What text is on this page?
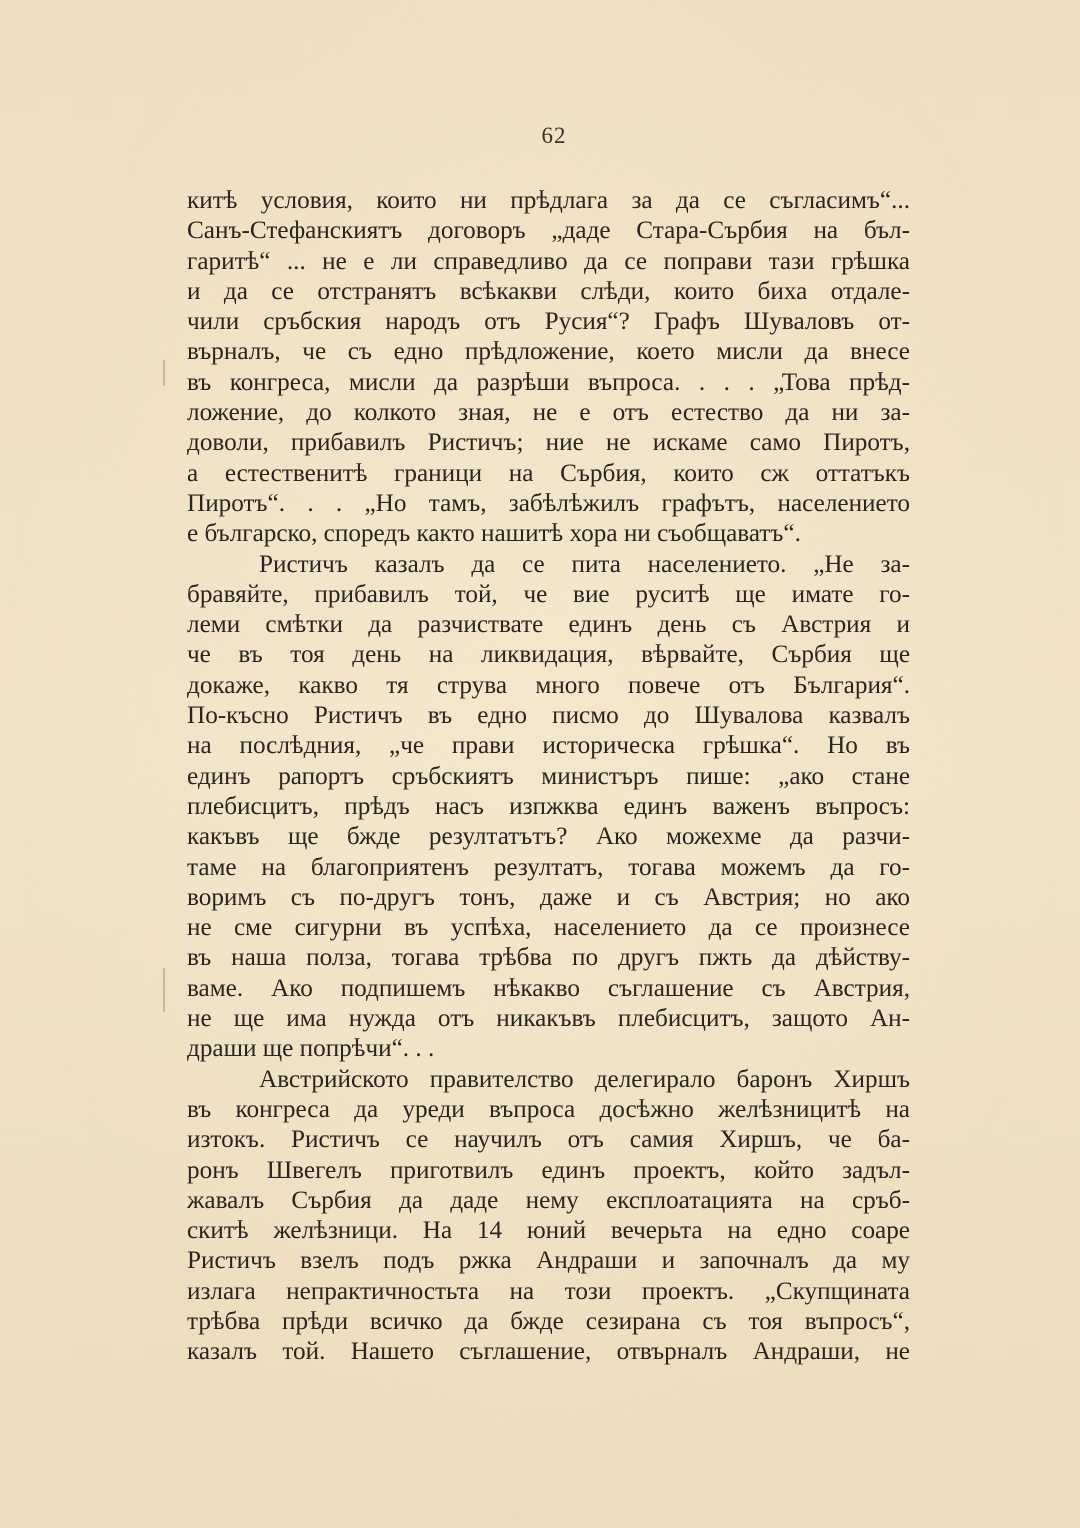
62
китѣ условия, които ни прѣдлага за да се съгласимъ“...
Санъ-Стефанскиятъ договоръ „даде Стара-Сърбия на бъл-
гаритѣ“ ... не е ли справедливо да се поправи тази грѣшка
и да се отстранятъ всѣкакви слѣди, които биха отдале-
чили сръбския народъ отъ Русия“? Графъ Шуваловъ от-
върналъ, че съ едно прѣдложение, което мисли да внесе
въ конгреса, мисли да разрѣши въпроса. . . . „Това прѣд-
ложение, до колкото зная, не е отъ естество да ни за-
доволи, прибавилъ Ристичъ; ние не искаме само Пиротъ,
а естественитѣ граници на Сърбия, които сж оттатъкъ
Пиротъ“. . . „Но тамъ, забѣлѣжилъ графътъ, населението
е българско, споредъ както нашитѣ хора ни съобщаватъ“.
Ристичъ казалъ да се пита населението. „Не за-
бравяйте, прибавилъ той, че вие руситѣ ще имате го-
леми смѣтки да разчиствате единъ день съ Австрия и
че въ тоя день на ликвидация, вѣрвайте, Сърбия ще
докаже, какво тя струва много повече отъ България“.
По-късно Ристичъ въ едно писмо до Шувалова казвалъ
на послѣдния, „че прави историческа грѣшка“. Но въ
единъ рапортъ сръбскиятъ министъръ пише: „ако стане
плебисцитъ, прѣдъ насъ изпжква единъ важенъ въпросъ:
какъвъ ще бжде резултатътъ? Ако можехме да разчи-
таме на благоприятенъ резултатъ, тогава можемъ да го-
воримъ съ по-другъ тонъ, даже и съ Австрия; но ако
не сме сигурни въ успѣха, населението да се произнесе
въ наша полза, тогава трѣбва по другъ пжть да дѣйству-
ваме. Ако подпишемъ нѣкакво съглашение съ Австрия,
не ще има нужда отъ никакъвъ плебисцитъ, защото Ан-
драши ще попрѣчи“. . .
Австрийското правителство делегирало баронъ Хиршъ
въ конгреса да уреди въпроса досѣжно желѣзницитѣ на
изтокъ. Ристичъ се научилъ отъ самия Хиршъ, че ба-
ронъ Швегелъ приготвилъ единъ проектъ, който задъл-
жавалъ Сърбия да даде нему експлоатацията на сръб-
скитѣ желѣзници. На 14 юний вечерьта на едно соаре
Ристичъ взелъ подъ ржка Андраши и започналъ да му
излага непрактичностьта на този проектъ. „Скупщината
трѣбва прѣди всичко да бжде сезирана съ тоя въпросъ“,
казалъ той. Нашето съглашение, отвърналъ Андраши, не
